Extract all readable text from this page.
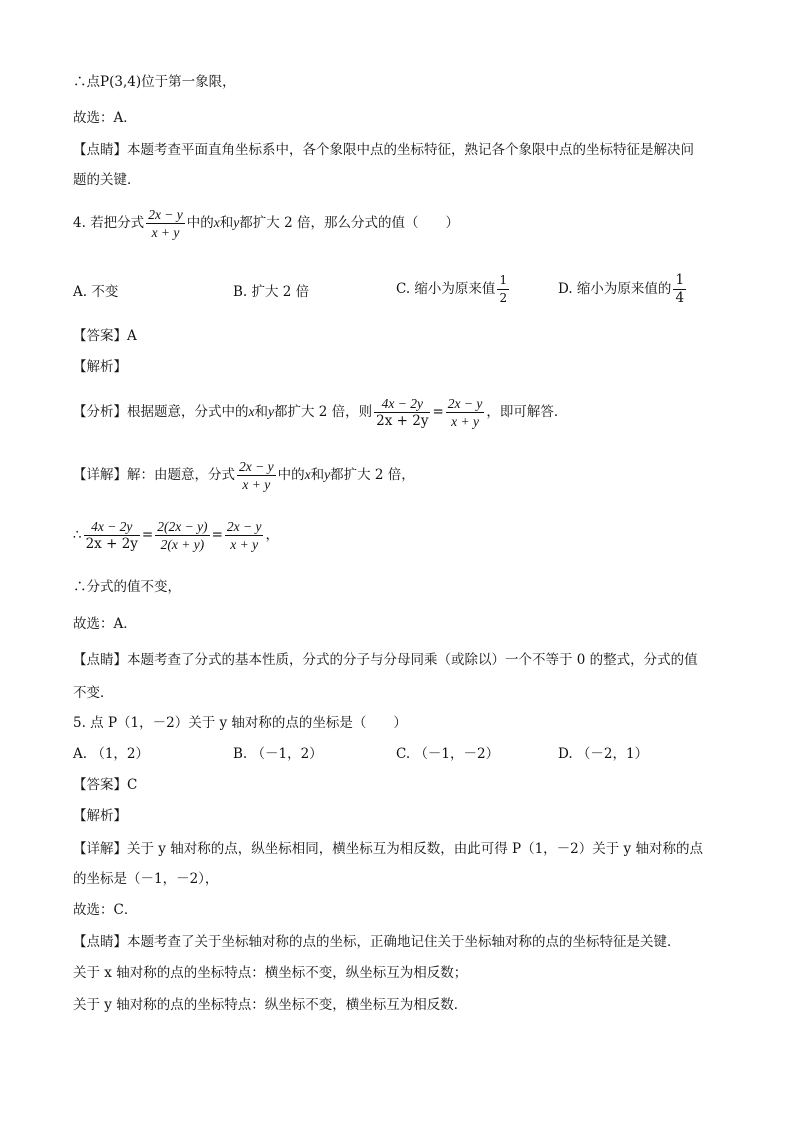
∴点P(3,4)位于第一象限，
故选：A．
【点睛】本题考查平面直角坐标系中，各个象限中点的坐标特征，熟记各个象限中点的坐标特征是解决问
题的关键．
4. 若把分式 $\frac{2x - y}{x + y}$ 中的x和y都扩大 2 倍，那么分式的值（　　）
A. 不变	B. 扩大 2 倍	C. 缩小为原来值 $\frac{1}{2}$	D. 缩小为原来值的 $\frac{1}{4}$
【答案】A
【解析】
【分析】根据题意，分式中的x和y都扩大 2 倍，则 $\frac{4x - 2y}{2x + 2y} = \frac{2x - y}{x + y}$ ，即可解答．
【详解】解：由题意，分式 $\frac{2x - y}{x + y}$ 中的x和y都扩大 2 倍，
∴ $\frac{4x - 2y}{2x + 2y} = \frac{2(2x - y)}{2(x + y)} = \frac{2x - y}{x + y}$ ，
∴分式的值不变，
故选：A．
【点睛】本题考查了分式的基本性质，分式的分子与分母同乘（或除以）一个不等于 0 的整式，分式的值
不变．
5. 点 P（1，－2）关于 y 轴对称的点的坐标是（　　）
A. （1，2）	B. （－1，2）	C. （－1，－2）	D. （－2，1）
【答案】C
【解析】
【详解】关于 y 轴对称的点，纵坐标相同，横坐标互为相反数，由此可得 P（1，－2）关于 y 轴对称的点
的坐标是（－1，－2），
故选：C．
【点睛】本题考查了关于坐标轴对称的点的坐标，正确地记住关于坐标轴对称的点的坐标特征是关键．
关于 x 轴对称的点的坐标特点：横坐标不变，纵坐标互为相反数；
关于 y 轴对称的点的坐标特点：纵坐标不变，横坐标互为相反数．
